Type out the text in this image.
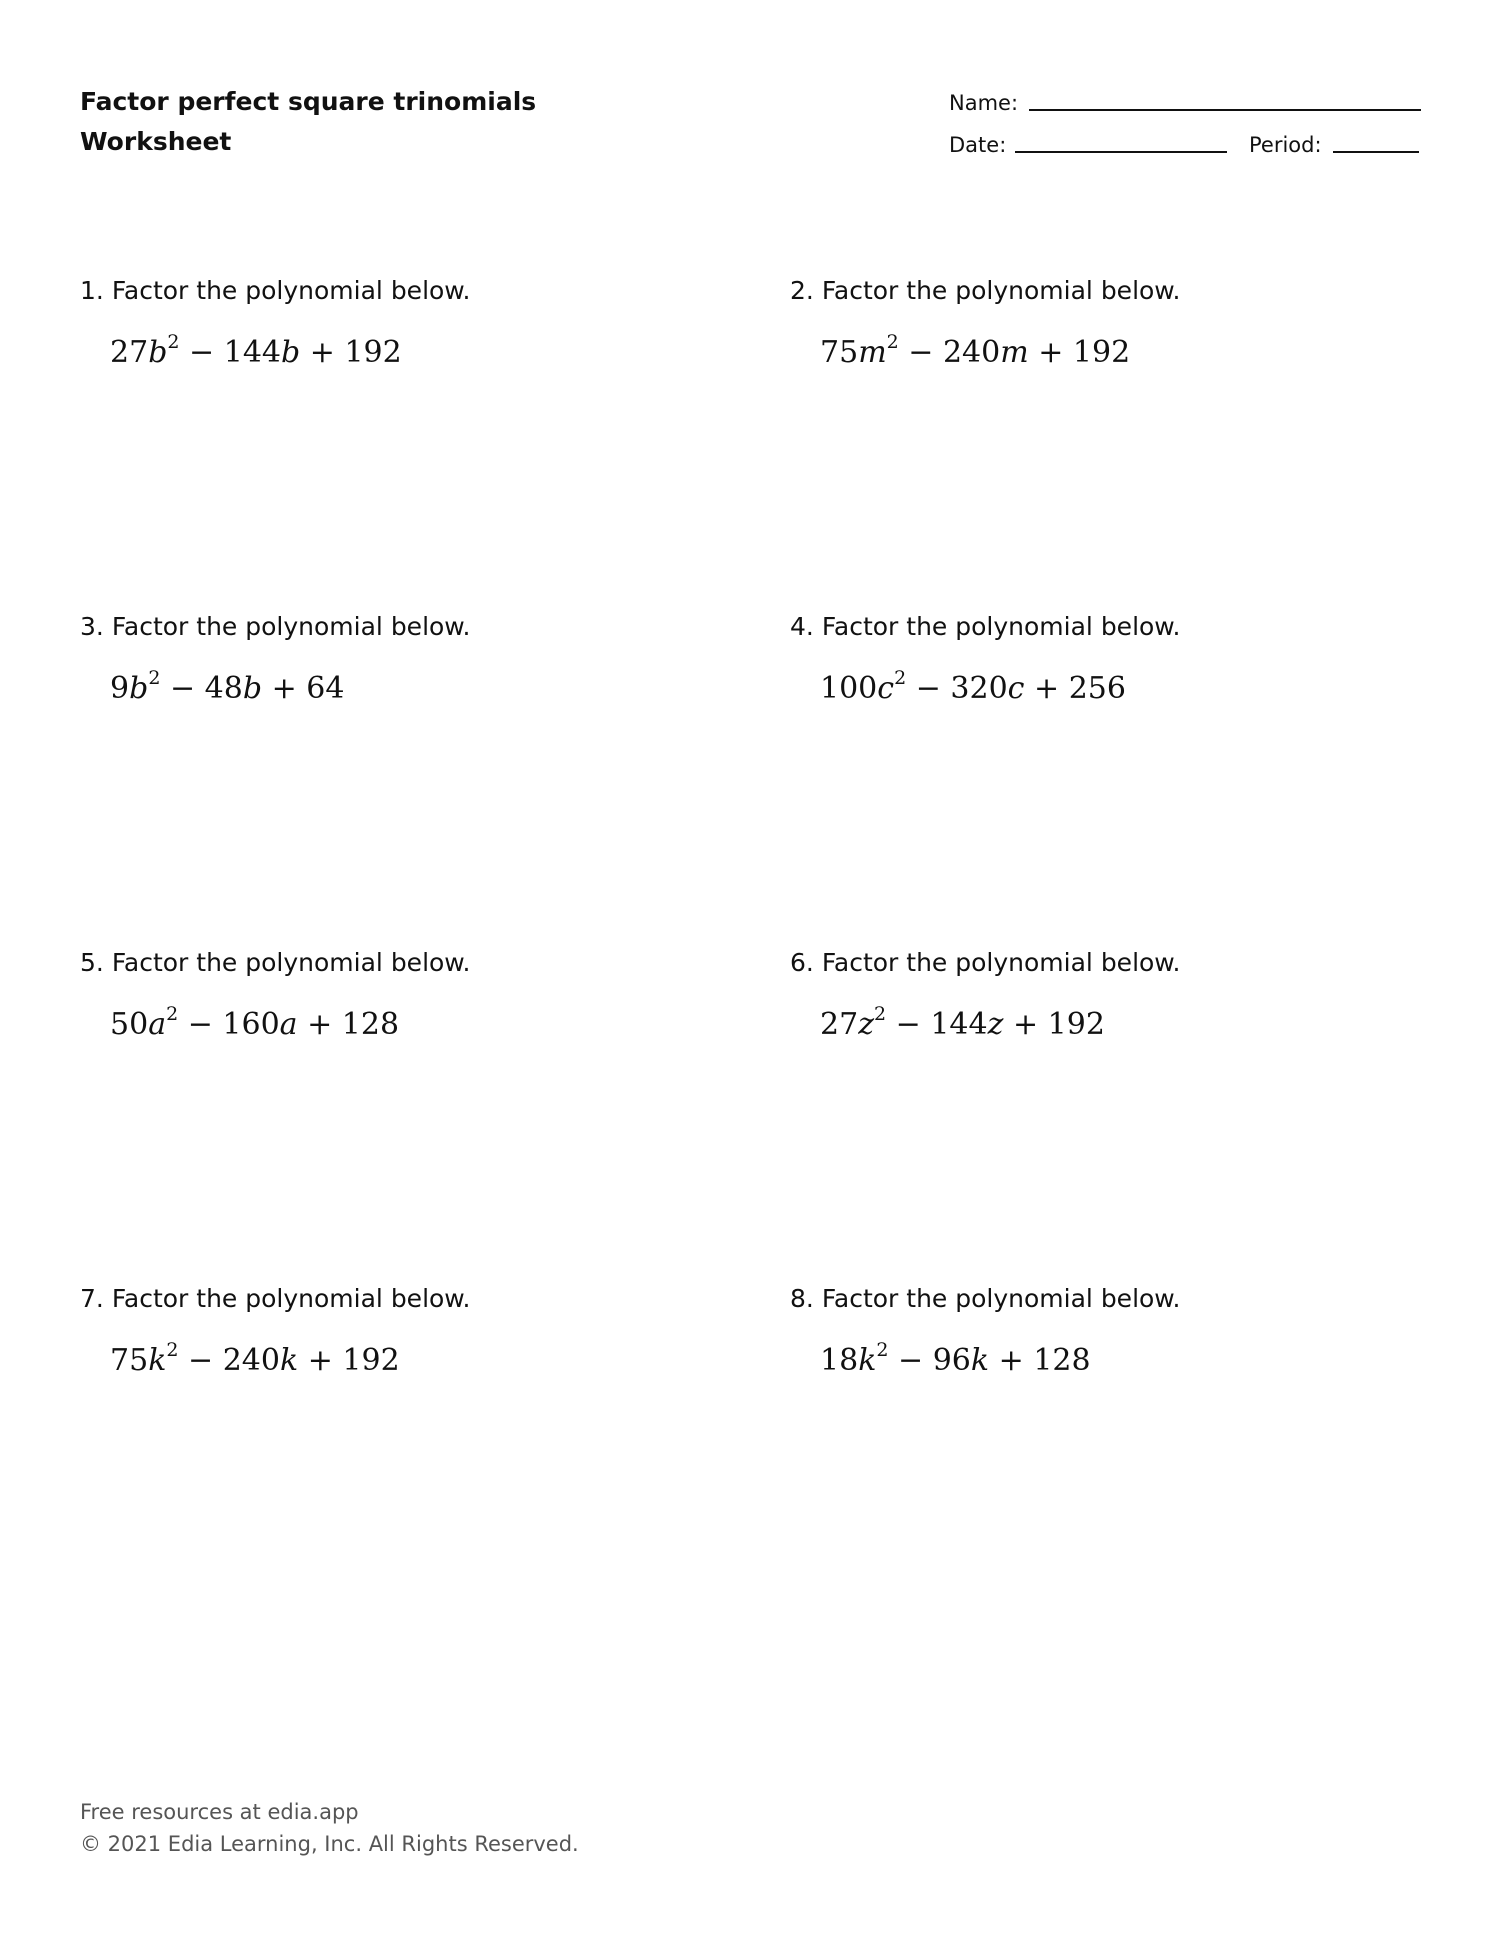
Factor perfect square trinomials
Worksheet
Name:
Date:	Period:
1. Factor the polynomial below.
$27b^2 - 144b + 192$
2. Factor the polynomial below.
$75m^2 - 240m + 192$
3. Factor the polynomial below.
$9b^2 - 48b + 64$
4. Factor the polynomial below.
$100c^2 - 320c + 256$
5. Factor the polynomial below.
$50a^2 - 160a + 128$
6. Factor the polynomial below.
$27z^2 - 144z + 192$
7. Factor the polynomial below.
$75k^2 - 240k + 192$
8. Factor the polynomial below.
$18k^2 - 96k + 128$
Free resources at edia.app
© 2021 Edia Learning, Inc. All Rights Reserved.
